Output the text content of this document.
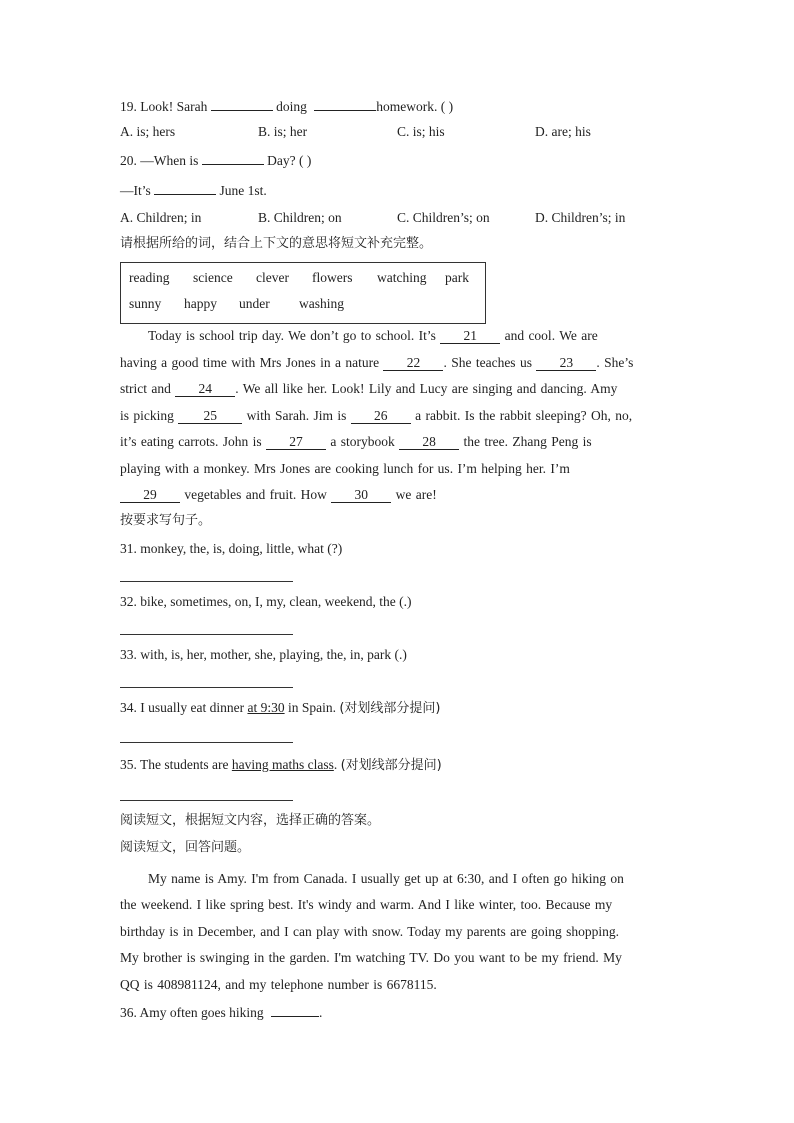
19. Look! Sarah	doing	homework. ( )
A. is; hers	B. is; her	C. is; his	D. are; his
20. —When is	Day? ( )
—It’s	June 1st.
A. Children; in	B. Children; on	C. Children’s; on	D. Children’s; in
请根据所给的词，结合上下文的意思将短文补充完整。
reading science clever flowers watching park
sunny happy under washing
Today is school trip day. We don’t go to school. It’s 21 and cool. We are
having a good time with Mrs Jones in a nature 22 . She teaches us 23 . She’s
strict and 24 . We all like her. Look! Lily and Lucy are singing and dancing. Amy
is picking 25 with Sarah. Jim is 26 a rabbit. Is the rabbit sleeping? Oh, no,
it’s eating carrots. John is 27 a storybook 28 the tree. Zhang Peng is
playing with a monkey. Mrs Jones are cooking lunch for us. I’m helping her. I’m
29 vegetables and fruit. How 30 we are!
按要求写句子。
31. monkey, the, is, doing, little, what (?)
32. bike, sometimes, on, I, my, clean, weekend, the (.)
33. with, is, her, mother, she, playing, the, in, park (.)
34. I usually eat dinner at 9:30 in Spain. (对划线部分提问)
35. The students are having maths class. (对划线部分提问)
阅读短文，根据短文内容，选择正确的答案。
阅读短文，回答问题。
My name is Amy. I'm from Canada. I usually get up at 6:30, and I often go hiking on
the weekend. I like spring best. It's windy and warm. And I like winter, too. Because my
birthday is in December, and I can play with snow. Today my parents are going shopping.
My brother is swinging in the garden. I'm watching TV. Do you want to be my friend. My
QQ is 408981124, and my telephone number is 6678115.
36. Amy often goes hiking	.
